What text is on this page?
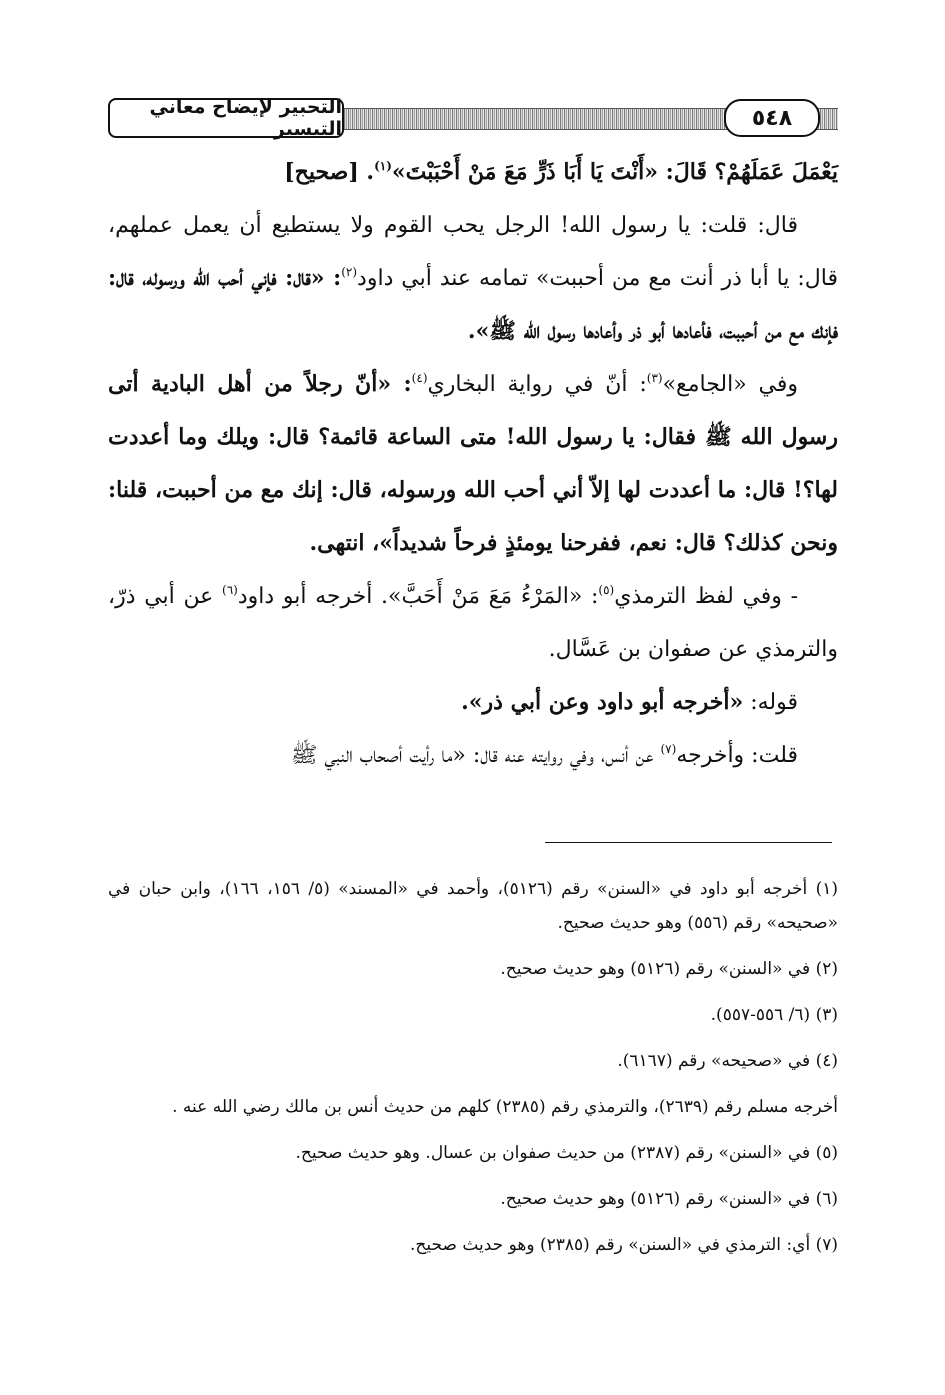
التحبير لإيضاح معاني التيسير	٥٤٨

يَعْمَلَ عَمَلَهُمْ؟ قَالَ: «أَنْتَ يَا أَبَا ذَرٍّ مَعَ مَنْ أَحْبَبْتَ»$^{(١)}$. [صحيح]

قال: قلت: يا رسول الله! الرجل يحب القوم ولا يستطيع أن يعمل عملهم، قال: يا أبا ذر أنت مع من أحببت» تمامه عند أبي داود$^{(٢)}$: «قال: فإني أحب الله ورسوله، قال: فإنك مع من أحببت، فأعادها أبو ذر وأعادها رسول الله ﷺ».

وفي «الجامع»$^{(٣)}$: أنّ في رواية البخاري$^{(٤)}$: «أنّ رجلاً من أهل البادية أتى رسول الله ﷺ فقال: يا رسول الله! متى الساعة قائمة؟ قال: ويلك وما أعددت لها؟! قال: ما أعددت لها إلاّ أني أحب الله ورسوله، قال: إنك مع من أحببت، قلنا: ونحن كذلك؟ قال: نعم، ففرحنا يومئذٍ فرحاً شديداً»، انتهى.

- وفي لفظ الترمذي$^{(٥)}$: «المَرْءُ مَعَ مَنْ أَحَبَّ». أخرجه أبو داود$^{(٦)}$ عن أبي ذرّ، والترمذي عن صفوان بن عَسَّال.

قوله: «أخرجه أبو داود وعن أبي ذر».

قلت: وأخرجه$^{(٧)}$ عن أنس، وفي روايته عنه قال: «ما رأيت أصحاب النبي ﷺ

(١) أخرجه أبو داود في «السنن» رقم (٥١٢٦)، وأحمد في «المسند» (٥/ ١٥٦، ١٦٦)، وابن حبان في «صحيحه» رقم (٥٥٦) وهو حديث صحيح.

(٢) في «السنن» رقم (٥١٢٦) وهو حديث صحيح.

(٣) (٦/ ٥٥٦-٥٥٧).

(٤) في «صحيحه» رقم (٦١٦٧).

أخرجه مسلم رقم (٢٦٣٩)، والترمذي رقم (٢٣٨٥) كلهم من حديث أنس بن مالك رضي الله عنه .

(٥) في «السنن» رقم (٢٣٨٧) من حديث صفوان بن عسال. وهو حديث صحيح.

(٦) في «السنن» رقم (٥١٢٦) وهو حديث صحيح.

(٧) أي: الترمذي في «السنن» رقم (٢٣٨٥) وهو حديث صحيح.
